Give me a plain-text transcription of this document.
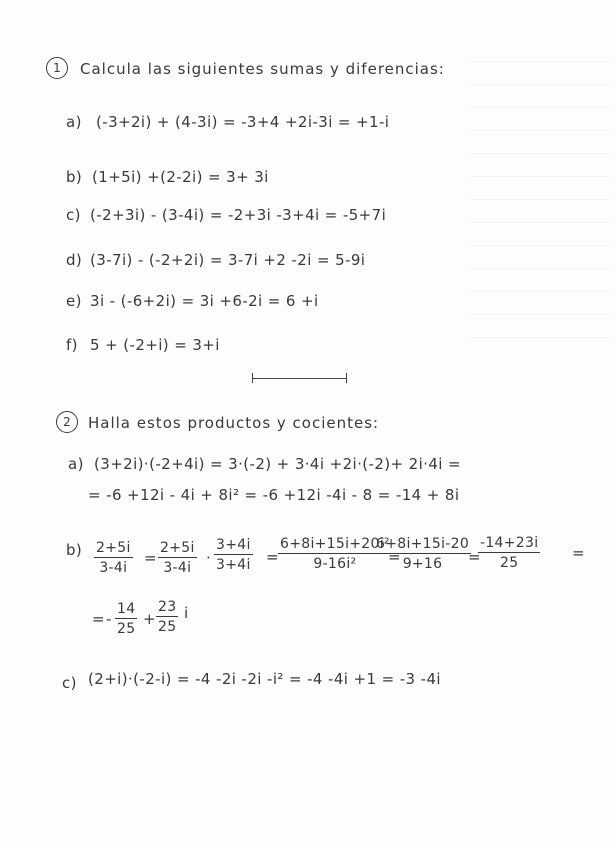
1	Calcula las siguientes sumas y diferencias:
a) (-3+2i) + (4-3i) = -3+4 +2i-3i = +1-i
b) (1+5i) +(2-2i) = 3+ 3i
c) (-2+3i) - (3-4i) = -2+3i -3+4i = -5+7i
d) (3-7i) - (-2+2i) = 3-7i +2 -2i = 5-9i
e) 3i - (-6+2i) = 3i +6-2i = 6 +i
f) 5 + (-2+i) = 3+i
2	Halla estos productos y cocientes:
a) (3+2i)·(-2+4i) = 3·(-2) + 3·4i +2i·(-2)+ 2i·4i =
= -6 +12i - 4i + 8i² = -6 +12i -4i - 8 = -14 + 8i
$b) \frac{2+5i}{3-4i} = \frac{2+5i}{3-4i} \cdot \frac{3+4i}{3+4i} = \frac{\text{6+8i+15i+20i²}}{\text{9-16i²}}$
=
$\frac{6+8i+15i-20}{9+16}$
=
$\frac{-14+23i}{25}$ =
= - $\frac{14}{25} + \frac{23}{25}$ i
c) (2+i)·(-2-i) = -4 -2i -2i -i² = -4 -4i +1 = -3 -4i
